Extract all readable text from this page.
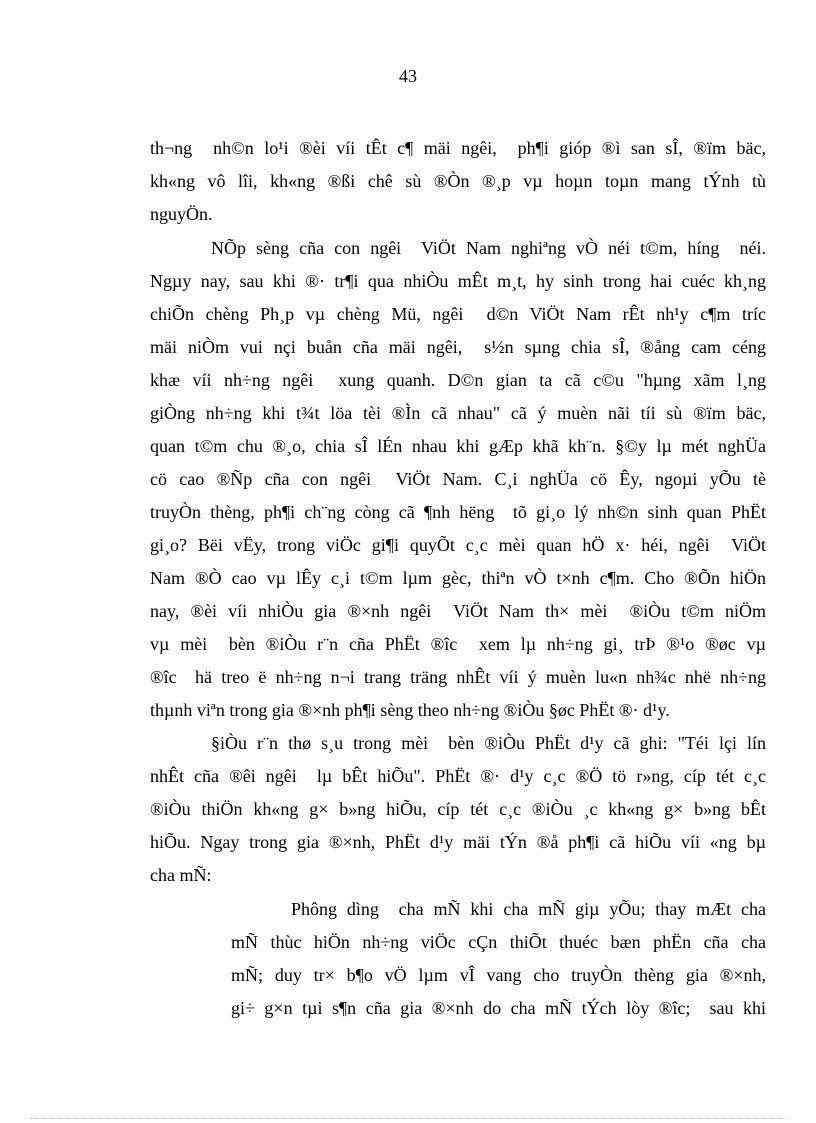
43
th¬ng  nh©n lo¹i ®èi víi tÊt c¶ mäi ngêi,  ph¶i gióp ®ì san sÎ, ®ïm bäc,
kh«ng vô lîi, kh«ng ®ßi chê sù ®Òn ®¸p vµ hoµn toµn mang tÝnh tù
nguyÖn.
NÕp sèng cña con ngêi  ViÖt Nam nghiªng vÒ néi t©m, híng  néi.
Ngµy nay, sau khi ®· tr¶i qua nhiÒu mÊt m¸t, hy sinh trong hai cuéc kh¸ng
chiÕn chèng Ph¸p vµ chèng Mü, ngêi  d©n ViÖt Nam rÊt nh¹y c¶m tríc
mäi niÒm vui nçi buån cña mäi ngêi,  s½n sµng chia sÎ, ®ång cam céng
khæ víi nh÷ng ngêi  xung quanh. D©n gian ta cã c©u "hµng xãm l¸ng
giÒng nh÷ng khi t¾t löa tèi ®Ìn cã nhau" cã ý muèn nãi tíi sù ®ïm bäc,
quan t©m chu ®¸o, chia sÎ lÉn nhau khi gÆp khã kh¨n. §©y lµ mét nghÜa
cö cao ®Ñp cña con ngêi  ViÖt Nam. C¸i nghÜa cö Êy, ngoµi yÕu tè
truyÒn thèng, ph¶i ch¨ng còng cã ¶nh hëng  tõ gi¸o lý nh©n sinh quan PhËt
gi¸o? Bëi vËy, trong viÖc gi¶i quyÕt c¸c mèi quan hÖ x· héi, ngêi  ViÖt
Nam ®Ò cao vµ lÊy c¸i t©m lµm gèc, thiªn vÒ t×nh c¶m. Cho ®Õn hiÖn
nay, ®èi víi nhiÒu gia ®×nh ngêi  ViÖt Nam th× mèi  ®iÒu t©m niÖm
vµ mèi  bèn ®iÒu r¨n cña PhËt ®îc  xem lµ nh÷ng gi¸ trÞ ®¹o ®øc vµ
®îc  hä treo ë nh÷ng n¬i trang träng nhÊt víi ý muèn lu«n nh¾c nhë nh÷ng
thµnh viªn trong gia ®×nh ph¶i sèng theo nh÷ng ®iÒu §øc PhËt ®· d¹y.
§iÒu r¨n thø s¸u trong mèi  bèn ®iÒu PhËt d¹y cã ghi: "Téi lçi lín
nhÊt cña ®êi ngêi  lµ bÊt hiÕu". PhËt ®· d¹y c¸c ®Ö tö r»ng, cíp tét c¸c
®iÒu thiÖn kh«ng g× b»ng hiÕu, cíp tét c¸c ®iÒu ¸c kh«ng g× b»ng bÊt
hiÕu. Ngay trong gia ®×nh, PhËt d¹y mäi tÝn ®å ph¶i cã hiÕu víi «ng bµ
cha mÑ:
Phông dìng  cha mÑ khi cha mÑ giµ yÕu; thay mÆt cha
mÑ thùc hiÖn nh÷ng viÖc cÇn thiÕt thuéc bæn phËn cña cha
mÑ; duy tr× b¶o vÖ lµm vÎ vang cho truyÒn thèng gia ®×nh,
gi÷ g×n tµi s¶n cña gia ®×nh do cha mÑ tÝch lòy ®îc;  sau khi
